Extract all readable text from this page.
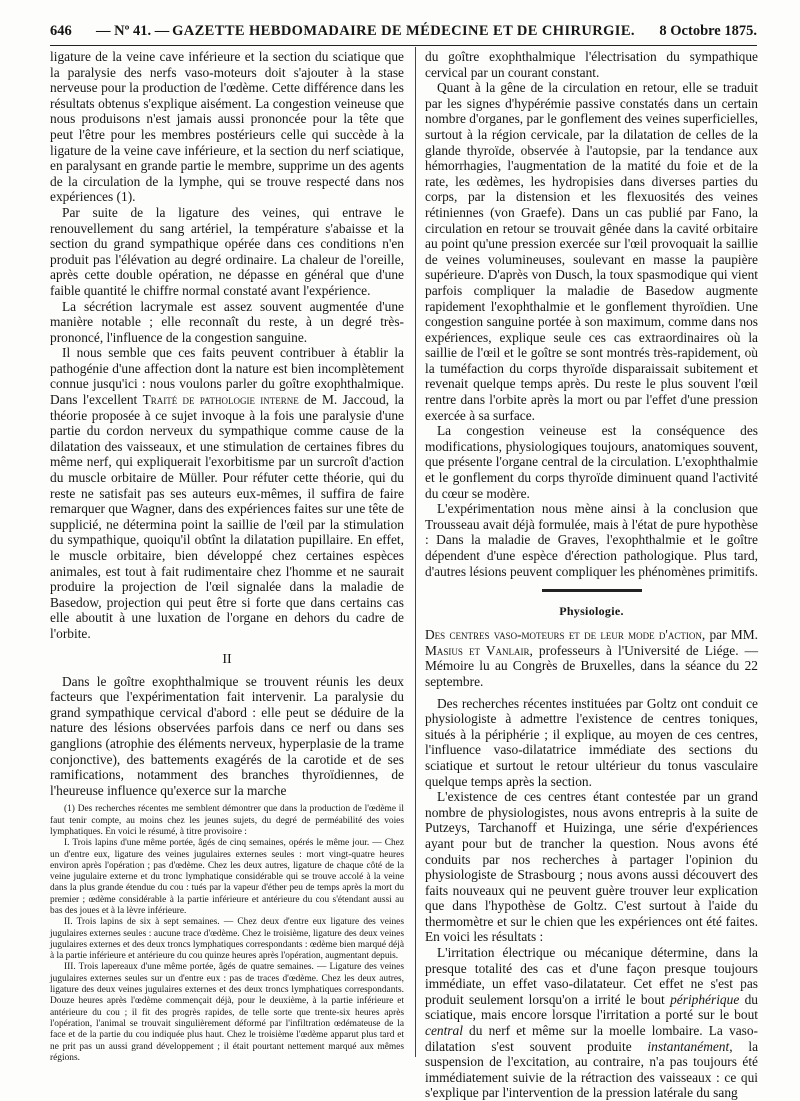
646 — Nº 41. — GAZETTE HEBDOMADAIRE DE MÉDECINE ET DE CHIRURGIE.	8 Octobre 1875.

ligature de la veine cave inférieure et la section du sciatique que la paralysie des nerfs vaso-moteurs doit s'ajouter à la stase nerveuse pour la production de l'œdème. Cette différence dans les résultats obtenus s'explique aisément. La congestion veineuse que nous produisons n'est jamais aussi prononcée pour la tête que peut l'être pour les membres postérieurs celle qui succède à la ligature de la veine cave inférieure, et la section du nerf sciatique, en paralysant en grande partie le membre, supprime un des agents de la circulation de la lymphe, qui se trouve respecté dans nos expériences (1).

Par suite de la ligature des veines, qui entrave le renouvellement du sang artériel, la température s'abaisse et la section du grand sympathique opérée dans ces conditions n'en produit pas l'élévation au degré ordinaire. La chaleur de l'oreille, après cette double opération, ne dépasse en général que d'une faible quantité le chiffre normal constaté avant l'expérience.

La sécrétion lacrymale est assez souvent augmentée d'une manière notable ; elle reconnaît du reste, à un degré très-prononcé, l'influence de la congestion sanguine.

Il nous semble que ces faits peuvent contribuer à établir la pathogénie d'une affection dont la nature est bien incomplètement connue jusqu'ici : nous voulons parler du goître exophthalmique. Dans l'excellent Traité de pathologie interne de M. Jaccoud, la théorie proposée à ce sujet invoque à la fois une paralysie d'une partie du cordon nerveux du sympathique comme cause de la dilatation des vaisseaux, et une stimulation de certaines fibres du même nerf, qui expliquerait l'exorbitisme par un surcroît d'action du muscle orbitaire de Müller. Pour réfuter cette théorie, qui du reste ne satisfait pas ses auteurs eux-mêmes, il suffira de faire remarquer que Wagner, dans des expériences faites sur une tête de supplicié, ne détermina point la saillie de l'œil par la stimulation du sympathique, quoiqu'il obtînt la dilatation pupillaire. En effet, le muscle orbitaire, bien développé chez certaines espèces animales, est tout à fait rudimentaire chez l'homme et ne saurait produire la projection de l'œil signalée dans la maladie de Basedow, projection qui peut être si forte que dans certains cas elle aboutit à une luxation de l'organe en dehors du cadre de l'orbite.

II

Dans le goître exophthalmique se trouvent réunis les deux facteurs que l'expérimentation fait intervenir. La paralysie du grand sympathique cervical d'abord : elle peut se déduire de la nature des lésions observées parfois dans ce nerf ou dans ses ganglions (atrophie des éléments nerveux, hyperplasie de la trame conjonctive), des battements exagérés de la carotide et de ses ramifications, notamment des branches thyroïdiennes, de l'heureuse influence qu'exerce sur la marche

(1) Des recherches récentes me semblent démontrer que dans la production de l'œdème il faut tenir compte, au moins chez les jeunes sujets, du degré de perméabilité des voies lymphatiques. En voici le résumé, à titre provisoire :

I. Trois lapins d'une même portée, âgés de cinq semaines, opérés le même jour. — Chez un d'entre eux, ligature des veines jugulaires externes seules : mort vingt-quatre heures environ après l'opération ; pas d'œdème. Chez les deux autres, ligature de chaque côté de la veine jugulaire externe et du tronc lymphatique considérable qui se trouve accolé à la veine dans la plus grande étendue du cou : tués par la vapeur d'éther peu de temps après la mort du premier ; œdème considérable à la partie inférieure et antérieure du cou s'étendant aussi au bas des joues et à la lèvre inférieure.

II. Trois lapins de six à sept semaines. — Chez deux d'entre eux ligature des veines jugulaires externes seules : aucune trace d'œdème. Chez le troisième, ligature des deux veines jugulaires externes et des deux troncs lymphatiques correspondants : œdème bien marqué déjà à la partie inférieure et antérieure du cou quinze heures après l'opération, augmentant depuis.

III. Trois lapereaux d'une même portée, âgés de quatre semaines. — Ligature des veines jugulaires externes seules sur un d'entre eux : pas de traces d'œdème. Chez les deux autres, ligature des deux veines jugulaires externes et des deux troncs lymphatiques correspondants. Douze heures après l'œdème commençait déjà, pour le deuxième, à la partie inférieure et antérieure du cou ; il fit des progrès rapides, de telle sorte que trente-six heures après l'opération, l'animal se trouvait singulièrement déformé par l'infiltration œdémateuse de la face et de la partie du cou indiquée plus haut. Chez le troisième l'œdème apparut plus tard et ne prit pas un aussi grand développement ; il était pourtant nettement marqué aux mêmes régions.

du goître exophthalmique l'électrisation du sympathique cervical par un courant constant.

Quant à la gêne de la circulation en retour, elle se traduit par les signes d'hypérémie passive constatés dans un certain nombre d'organes, par le gonflement des veines superficielles, surtout à la région cervicale, par la dilatation de celles de la glande thyroïde, observée à l'autopsie, par la tendance aux hémorrhagies, l'augmentation de la matité du foie et de la rate, les œdèmes, les hydropisies dans diverses parties du corps, par la distension et les flexuosités des veines rétiniennes (von Graefe). Dans un cas publié par Fano, la circulation en retour se trouvait gênée dans la cavité orbitaire au point qu'une pression exercée sur l'œil provoquait la saillie de veines volumineuses, soulevant en masse la paupière supérieure. D'après von Dusch, la toux spasmodique qui vient parfois compliquer la maladie de Basedow augmente rapidement l'exophthalmie et le gonflement thyroïdien. Une congestion sanguine portée à son maximum, comme dans nos expériences, explique seule ces cas extraordinaires où la saillie de l'œil et le goître se sont montrés très-rapidement, où la tuméfaction du corps thyroïde disparaissait subitement et revenait quelque temps après. Du reste le plus souvent l'œil rentre dans l'orbite après la mort ou par l'effet d'une pression exercée à sa surface.

La congestion veineuse est la conséquence des modifications, physiologiques toujours, anatomiques souvent, que présente l'organe central de la circulation. L'exophthalmie et le gonflement du corps thyroïde diminuent quand l'activité du cœur se modère.

L'expérimentation nous mène ainsi à la conclusion que Trousseau avait déjà formulée, mais à l'état de pure hypothèse : Dans la maladie de Graves, l'exophthalmie et le goître dépendent d'une espèce d'érection pathologique. Plus tard, d'autres lésions peuvent compliquer les phénomènes primitifs.

Physiologie.

Des centres vaso-moteurs et de leur mode d'action, par MM. Masius et Vanlair, professeurs à l'Université de Liége. — Mémoire lu au Congrès de Bruxelles, dans la séance du 22 septembre.

Des recherches récentes instituées par Goltz ont conduit ce physiologiste à admettre l'existence de centres toniques, situés à la périphérie ; il explique, au moyen de ces centres, l'influence vaso-dilatatrice immédiate des sections du sciatique et surtout le retour ultérieur du tonus vasculaire quelque temps après la section.

L'existence de ces centres étant contestée par un grand nombre de physiologistes, nous avons entrepris à la suite de Putzeys, Tarchanoff et Huizinga, une série d'expériences ayant pour but de trancher la question. Nous avons été conduits par nos recherches à partager l'opinion du physiologiste de Strasbourg ; nous avons aussi découvert des faits nouveaux qui ne peuvent guère trouver leur explication que dans l'hypothèse de Goltz. C'est surtout à l'aide du thermomètre et sur le chien que les expériences ont été faites. En voici les résultats :

L'irritation électrique ou mécanique détermine, dans la presque totalité des cas et d'une façon presque toujours immédiate, un effet vaso-dilatateur. Cet effet ne s'est pas produit seulement lorsqu'on a irrité le bout périphérique du sciatique, mais encore lorsque l'irritation a porté sur le bout central du nerf et même sur la moelle lombaire. La vaso-dilatation s'est souvent produite instantanément, la suspension de l'excitation, au contraire, n'a pas toujours été immédiatement suivie de la rétraction des vaisseaux : ce qui s'explique par l'intervention de la pression latérale du sang
